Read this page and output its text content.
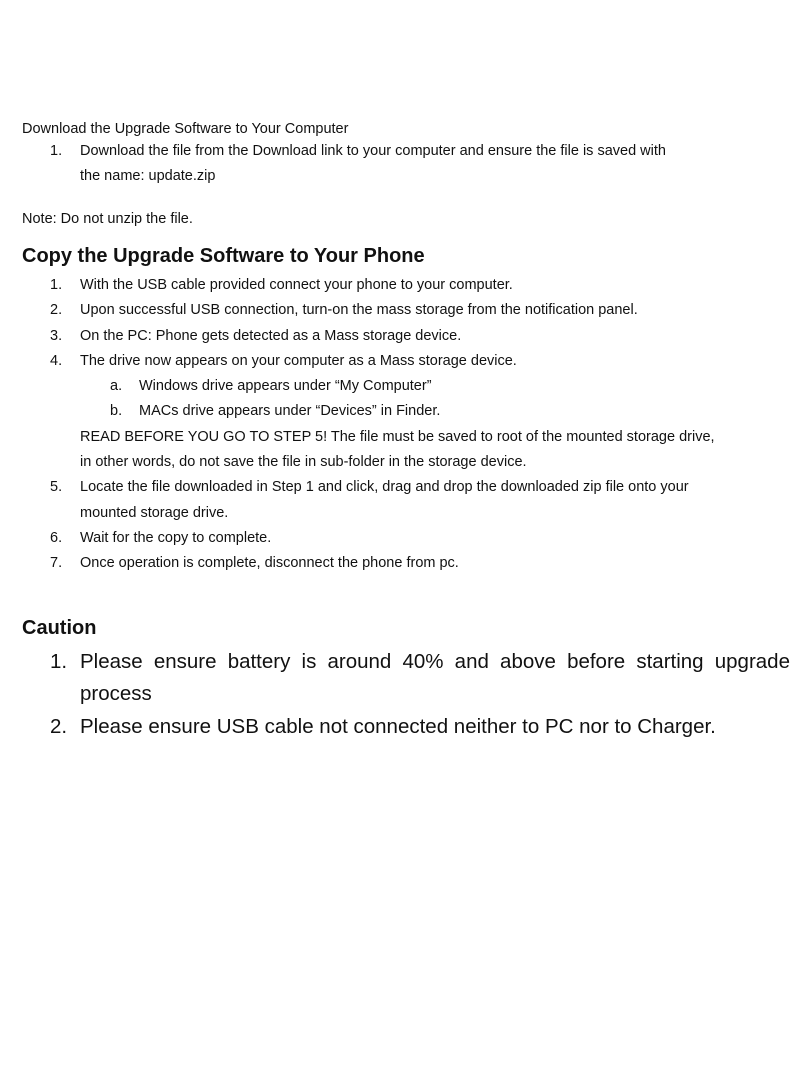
Download the Upgrade Software to Your Computer
1. Download the file from the Download link to your computer and ensure the file is saved with
the name: update.zip
Note: Do not unzip the file.
Copy the Upgrade Software to Your Phone
1. With the USB cable provided connect your phone to your computer.
2. Upon successful USB connection, turn-on the mass storage from the notification panel.
3. On the PC: Phone gets detected as a Mass storage device.
4. The drive now appears on your computer as a Mass storage device.
a. Windows drive appears under “My Computer”
b. MACs drive appears under “Devices” in Finder.
READ BEFORE YOU GO TO STEP 5! The file must be saved to root of the mounted storage drive,
in other words, do not save the file in sub-folder in the storage device.
5. Locate the file downloaded in Step 1 and click, drag and drop the downloaded zip file onto your
mounted storage drive.
6. Wait for the copy to complete.
7. Once operation is complete, disconnect the phone from pc.
Caution
1. Please ensure battery is around 40% and above before starting upgrade
process
2. Please ensure USB cable not connected neither to PC nor to Charger.
